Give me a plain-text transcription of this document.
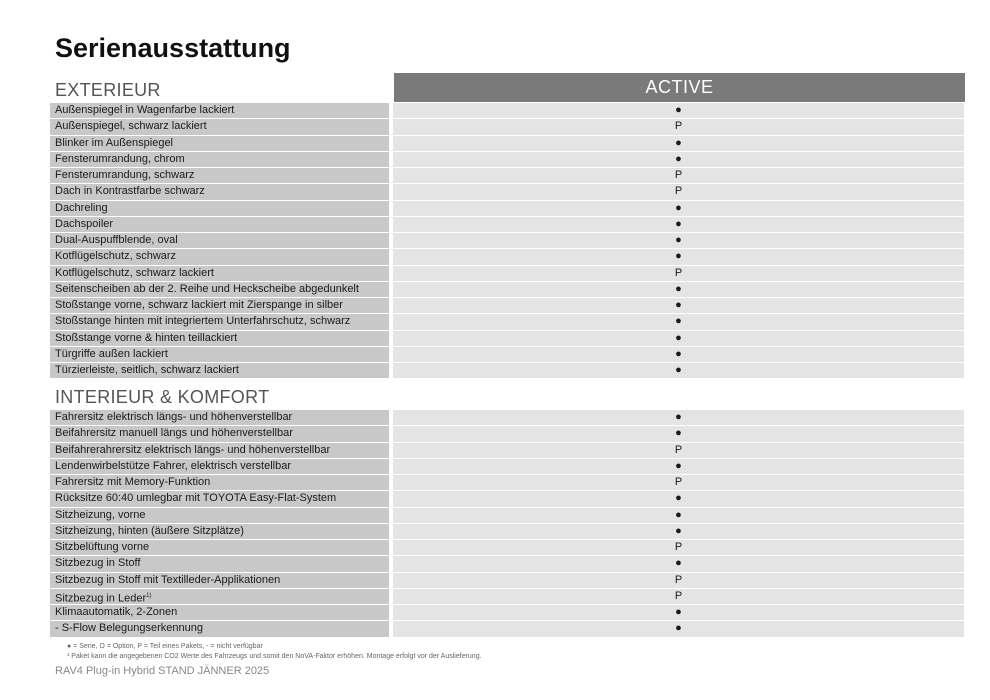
Serienausstattung
EXTERIEUR	ACTIVE
Außenspiegel in Wagenfarbe lackiert	●
Außenspiegel, schwarz lackiert	P
Blinker im Außenspiegel	●
Fensterumrandung, chrom	●
Fensterumrandung, schwarz	P
Dach in Kontrastfarbe schwarz	P
Dachreling	●
Dachspoiler	●
Dual-Auspuffblende, oval	●
Kotflügelschutz, schwarz	●
Kotflügelschutz, schwarz lackiert	P
Seitenscheiben ab der 2. Reihe und Heckscheibe abgedunkelt	●
Stoßstange vorne, schwarz lackiert mit Zierspange in silber	●
Stoßstange hinten mit integriertem Unterfahrschutz, schwarz	●
Stoßstange vorne & hinten teillackiert	●
Türgriffe außen lackiert	●
Türzierleiste, seitlich, schwarz lackiert	●
INTERIEUR & KOMFORT
Fahrersitz elektrisch längs- und höhenverstellbar	●
Beifahrersitz manuell längs und höhenverstellbar	●
Beifahrerahrersitz elektrisch längs- und höhenverstellbar	P
Lendenwirbelstütze Fahrer, elektrisch verstellbar	●
Fahrersitz mit Memory-Funktion	P
Rücksitze 60:40 umlegbar mit TOYOTA Easy-Flat-System	●
Sitzheizung, vorne	●
Sitzheizung, hinten (äußere Sitzplätze)	●
Sitzbelüftung vorne	P
Sitzbezug in Stoff	●
Sitzbezug in Stoff mit Textilleder-Applikationen	P
Sitzbezug in Leder$^{1)}$	P
Klimaautomatik, 2-Zonen	●
- S-Flow Belegungserkennung	●
● = Serie, O = Option, P = Teil eines Pakets, - = nicht verfügbar
¹ Paket kann die angegebenen CO2 Werte des Fahrzeugs und somit den NoVA-Faktor erhöhen. Montage erfolgt vor der Auslieferung.
RAV4 Plug-in Hybrid STAND JÄNNER 2025
